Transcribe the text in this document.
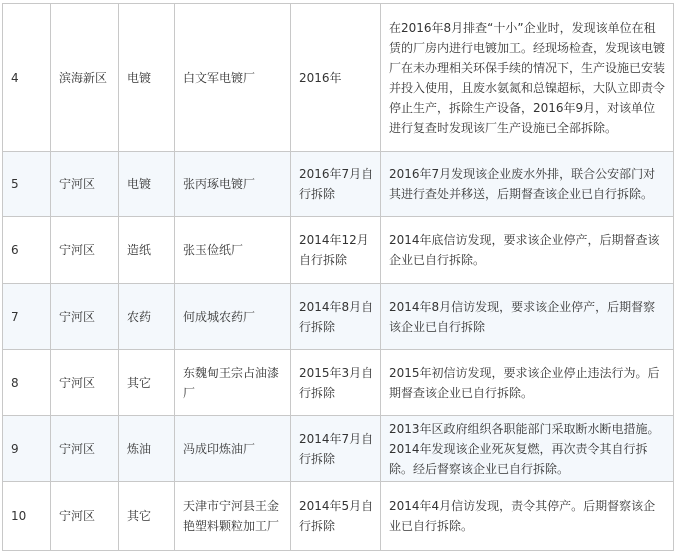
4	滨海新区	电镀	白文军电镀厂	2016年	在2016年8月排查“十小”企业时，发现该单位在租赁的厂房内进行电镀加工。经现场检查，发现该电镀厂在未办理相关环保手续的情况下，生产设施已安装并投入使用，且废水氨氮和总镍超标，大队立即责令停止生产，拆除生产设备，2016年9月，对该单位进行复查时发现该厂生产设施已全部拆除。
5	宁河区	电镀	张丙琢电镀厂	2016年7月自行拆除	2016年7月发现该企业废水外排，联合公安部门对其进行查处并移送，后期督查该企业已自行拆除。
6	宁河区	造纸	张玉俭纸厂	2014年12月自行拆除	2014年底信访发现，要求该企业停产，后期督查该企业已自行拆除。
7	宁河区	农药	何成城农药厂	2014年8月自行拆除	2014年8月信访发现，要求该企业停产，后期督察该企业已自行拆除
8	宁河区	其它	东魏甸王宗占油漆厂	2015年3月自行拆除	2015年初信访发现，要求该企业停止违法行为。后期督查该企业已自行拆除。
9	宁河区	炼油	冯成印炼油厂	2014年7月自行拆除	2013年区政府组织各职能部门采取断水断电措施。2014年发现该企业死灰复燃，再次责令其自行拆除。经后督察该企业已自行拆除。
10	宁河区	其它	天津市宁河县王金艳塑料颗粒加工厂	2014年5月自行拆除	2014年4月信访发现，责令其停产。后期督察该企业已自行拆除。
